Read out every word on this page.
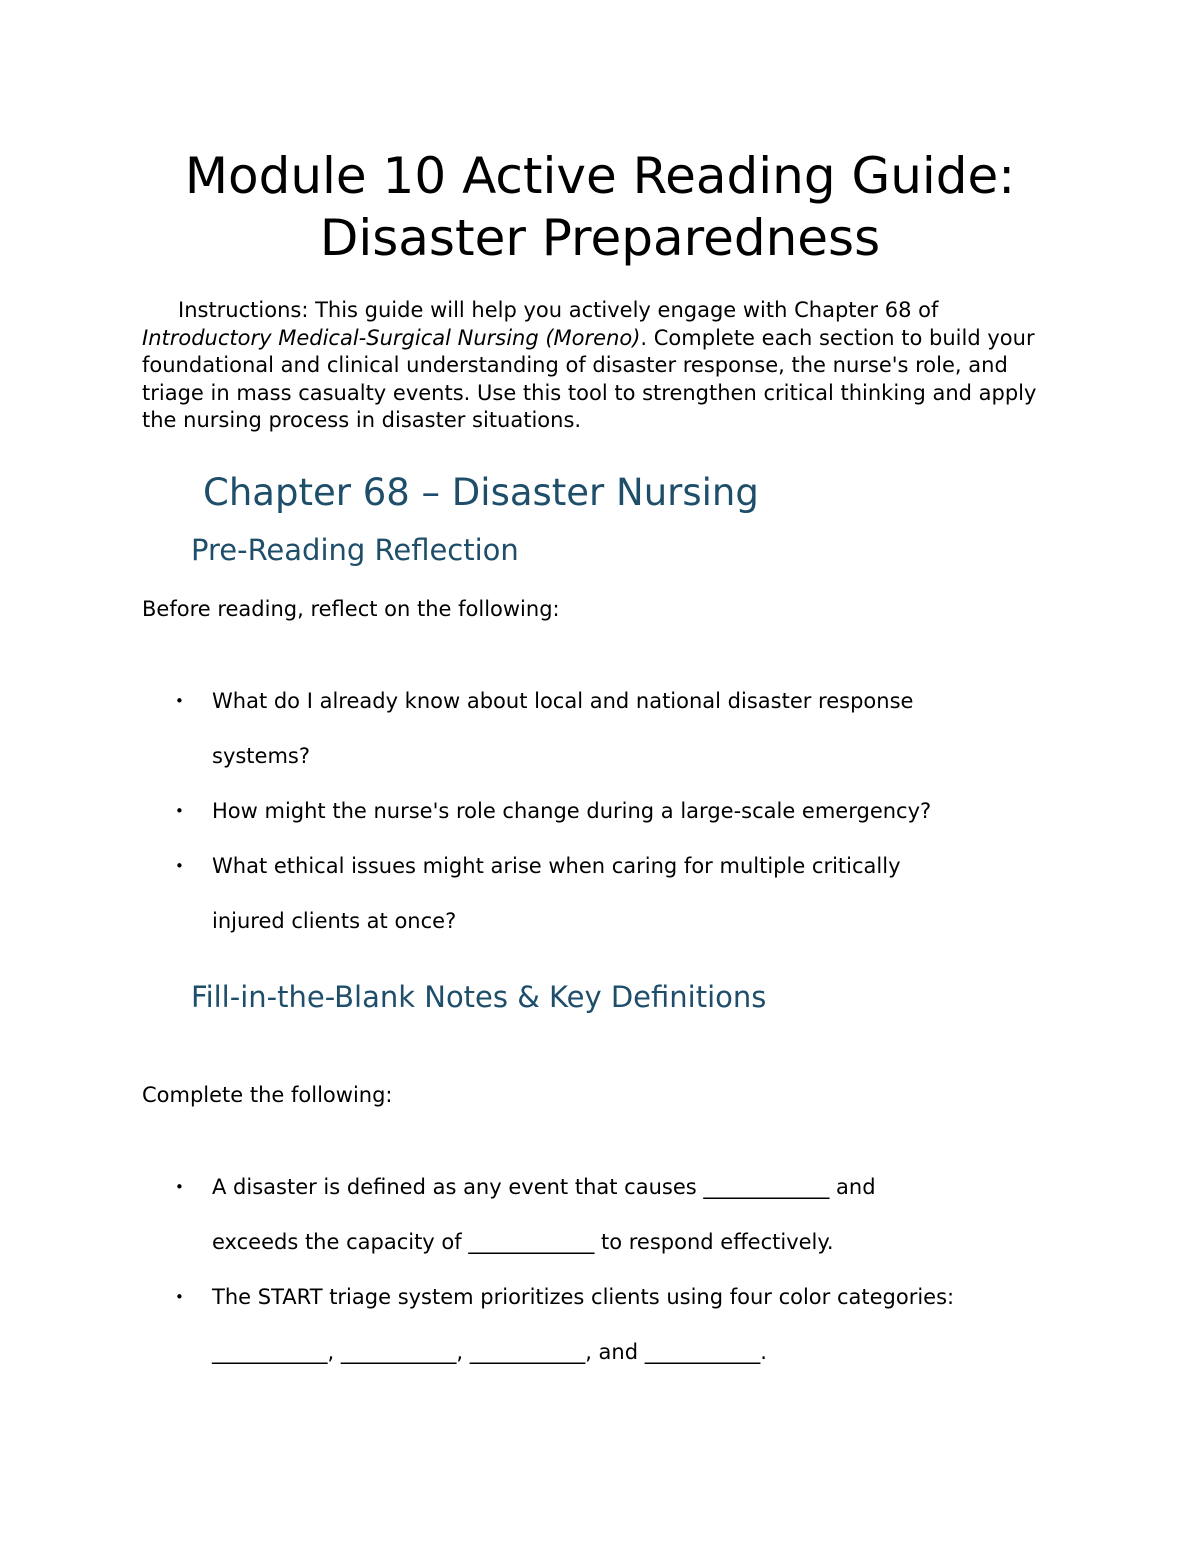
Module 10 Active Reading Guide:
Disaster Preparedness

Instructions: This guide will help you actively engage with Chapter 68 of Introductory Medical-Surgical Nursing (Moreno). Complete each section to build your foundational and clinical understanding of disaster response, the nurse's role, and triage in mass casualty events. Use this tool to strengthen critical thinking and apply the nursing process in disaster situations.

Chapter 68 – Disaster Nursing
Pre-Reading Reflection

Before reading, reflect on the following:

• What do I already know about local and national disaster response
systems?
• How might the nurse's role change during a large-scale emergency?
• What ethical issues might arise when caring for multiple critically
injured clients at once?
Fill-in-the-Blank Notes & Key Definitions

Complete the following:

• A disaster is defined as any event that causes ____________ and
exceeds the capacity of ____________ to respond effectively.
• The START triage system prioritizes clients using four color categories:
___________, ___________, ___________, and ___________.
